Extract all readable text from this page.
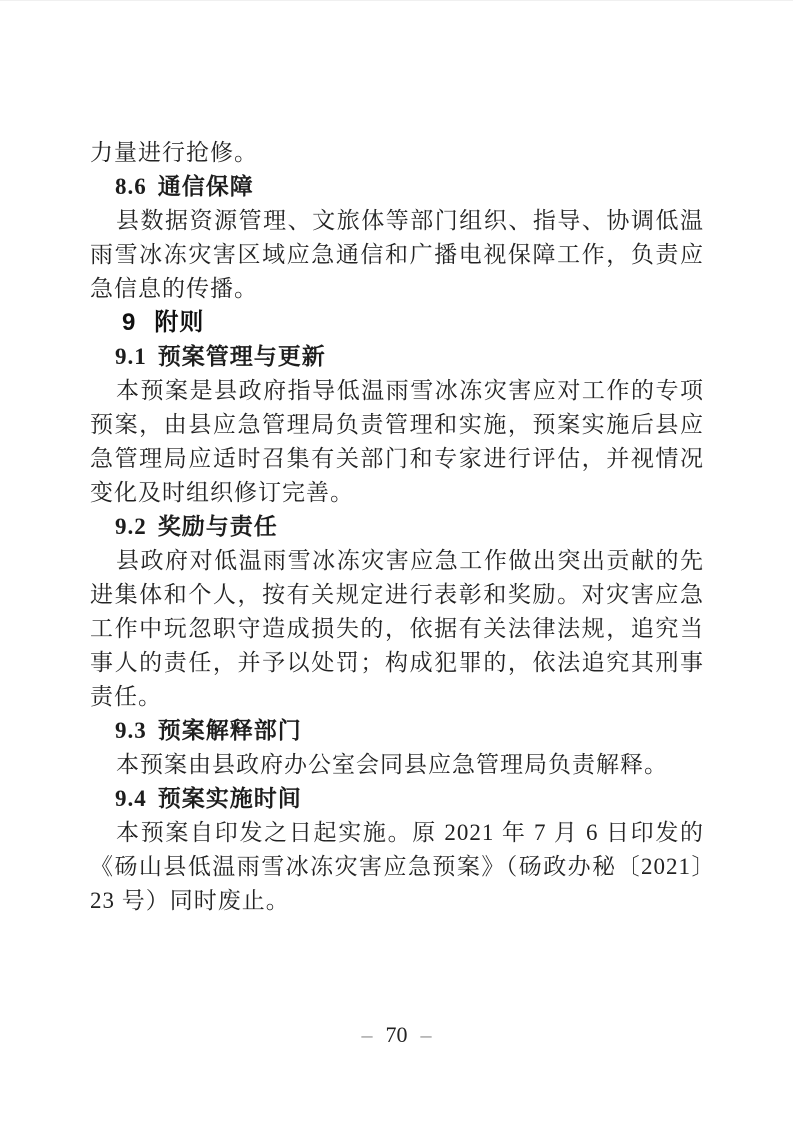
力量进行抢修。

8.6 通信保障

县数据资源管理、文旅体等部门组织、指导、协调低温雨雪冰冻灾害区域应急通信和广播电视保障工作，负责应急信息的传播。

9 附则
9.1 预案管理与更新

本预案是县政府指导低温雨雪冰冻灾害应对工作的专项预案，由县应急管理局负责管理和实施，预案实施后县应急管理局应适时召集有关部门和专家进行评估，并视情况变化及时组织修订完善。

9.2 奖励与责任

县政府对低温雨雪冰冻灾害应急工作做出突出贡献的先进集体和个人，按有关规定进行表彰和奖励。对灾害应急工作中玩忽职守造成损失的，依据有关法律法规，追究当事人的责任，并予以处罚；构成犯罪的，依法追究其刑事责任。

9.3 预案解释部门

本预案由县政府办公室会同县应急管理局负责解释。

9.4 预案实施时间

本预案自印发之日起实施。原 2021 年 7 月 6 日印发的《砀山县低温雨雪冰冻灾害应急预案》（砀政办秘〔2021〕23 号）同时废止。

– 70 –
